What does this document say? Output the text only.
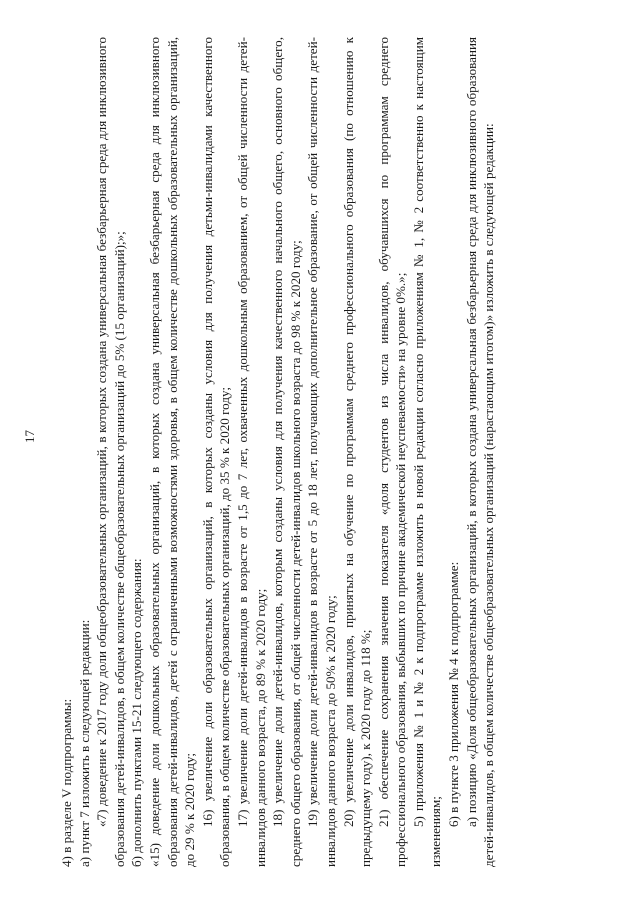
17

4) в разделе V подпрограммы: а) пункт 7 изложить в следующей редакции: «7) доведение к 2017 году доли общеобразовательных организаций, в которых создана универсальная безбарьерная среда для инклюзивного образования детей-инвалидов, в общем количестве общеобразовательных организаций до 5% (15 организаций);»; б) дополнить пунктами 15-21 следующего содержания: «15) доведение доли дошкольных образовательных организаций, в которых создана универсальная безбарьерная среда для инклюзивного образования детей-инвалидов, детей с ограниченными возможностями здоровья, в общем количестве дошкольных образовательных организаций, до 29 % к 2020 году; 16) увеличение доли образовательных организаций, в которых созданы условия для получения детьми-инвалидами качественного образования, в общем количестве образовательных организаций, до 35 % к 2020 году; 17) увеличение доли детей-инвалидов в возрасте от 1,5 до 7 лет, охваченных дошкольным образованием, от общей численности детей-инвалидов данного возраста, до 89 % к 2020 году; 18) увеличение доли детей-инвалидов, которым созданы условия для получения качественного начального общего, основного общего, среднего общего образования, от общей численности детей-инвалидов школьного возраста до 98 % к 2020 году; 19) увеличение доли детей-инвалидов в возрасте от 5 до 18 лет, получающих дополнительное образование, от общей численности детей-инвалидов данного возраста до 50% к 2020 году; 20) увеличение доли инвалидов, принятых на обучение по программам среднего профессионального образования (по отношению к предыдущему году), к 2020 году до 118 %; 21) обеспечение сохранения значения показателя «доля студентов из числа инвалидов, обучавшихся по программам среднего профессионального образования, выбывших по причине академической неуспеваемости» на уровне 0%.»; 5) приложения № 1 и № 2 к подпрограмме изложить в новой редакции согласно приложениям № 1, № 2 соответственно к настоящим изменениям;

6) в пункте 3 приложения № 4 к подпрограмме: а) позицию «Доля общеобразовательных организаций, в которых создана универсальная безбарьерная среда для инклюзивного образования детей-инвалидов, в общем количестве общеобразовательных организаций (нарастающим итогом)» изложить в следующей редакции:
